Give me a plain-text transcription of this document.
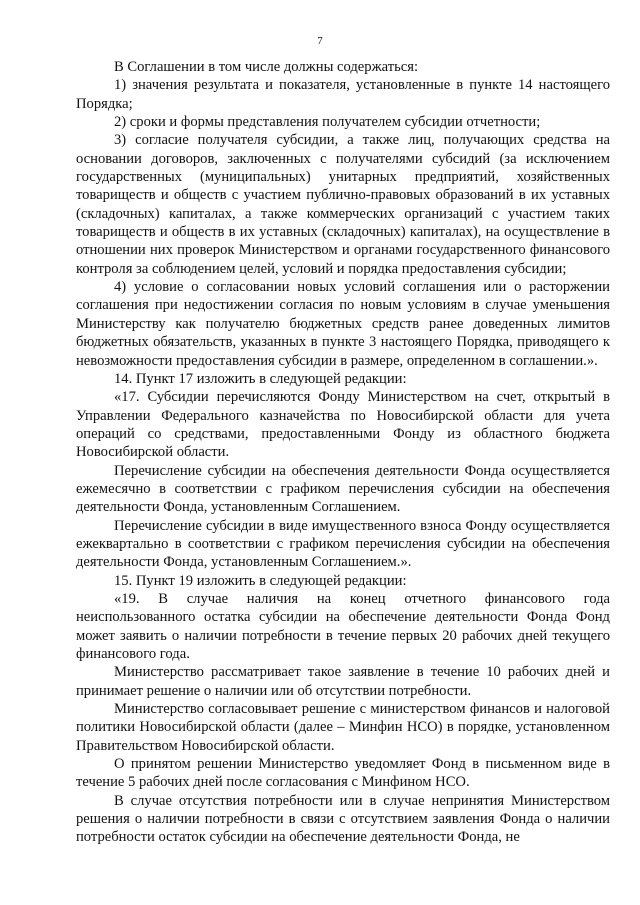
7

В Соглашении в том числе должны содержаться:

1) значения результата и показателя, установленные в пункте 14 настоящего Порядка;

2) сроки и формы представления получателем субсидии отчетности;

3) согласие получателя субсидии, а также лиц, получающих средства на основании договоров, заключенных с получателями субсидий (за исключением государственных (муниципальных) унитарных предприятий, хозяйственных товариществ и обществ с участием публично-правовых образований в их уставных (складочных) капиталах, а также коммерческих организаций с участием таких товариществ и обществ в их уставных (складочных) капиталах), на осуществление в отношении них проверок Министерством и органами государственного финансового контроля за соблюдением целей, условий и порядка предоставления субсидии;

4) условие о согласовании новых условий соглашения или о расторжении соглашения при недостижении согласия по новым условиям в случае уменьшения Министерству как получателю бюджетных средств ранее доведенных лимитов бюджетных обязательств, указанных в пункте 3 настоящего Порядка, приводящего к невозможности предоставления субсидии в размере, определенном в соглашении.».

14. Пункт 17 изложить в следующей редакции:

«17. Субсидии перечисляются Фонду Министерством на счет, открытый в Управлении Федерального казначейства по Новосибирской области для учета операций со средствами, предоставленными Фонду из областного бюджета Новосибирской области.

Перечисление субсидии на обеспечения деятельности Фонда осуществляется ежемесячно в соответствии с графиком перечисления субсидии на обеспечения деятельности Фонда, установленным Соглашением.

Перечисление субсидии в виде имущественного взноса Фонду осуществляется ежеквартально в соответствии с графиком перечисления субсидии на обеспечения деятельности Фонда, установленным Соглашением.».

15. Пункт 19 изложить в следующей редакции:

«19. В случае наличия на конец отчетного финансового года неиспользованного остатка субсидии на обеспечение деятельности Фонда Фонд может заявить о наличии потребности в течение первых 20 рабочих дней текущего финансового года.

Министерство рассматривает такое заявление в течение 10 рабочих дней и принимает решение о наличии или об отсутствии потребности.

Министерство согласовывает решение с министерством финансов и налоговой политики Новосибирской области (далее – Минфин НСО) в порядке, установленном Правительством Новосибирской области.

О принятом решении Министерство уведомляет Фонд в письменном виде в течение 5 рабочих дней после согласования с Минфином НСО.

В случае отсутствия потребности или в случае непринятия Министерством решения о наличии потребности в связи с отсутствием заявления Фонда о наличии потребности остаток субсидии на обеспечение деятельности Фонда, не
